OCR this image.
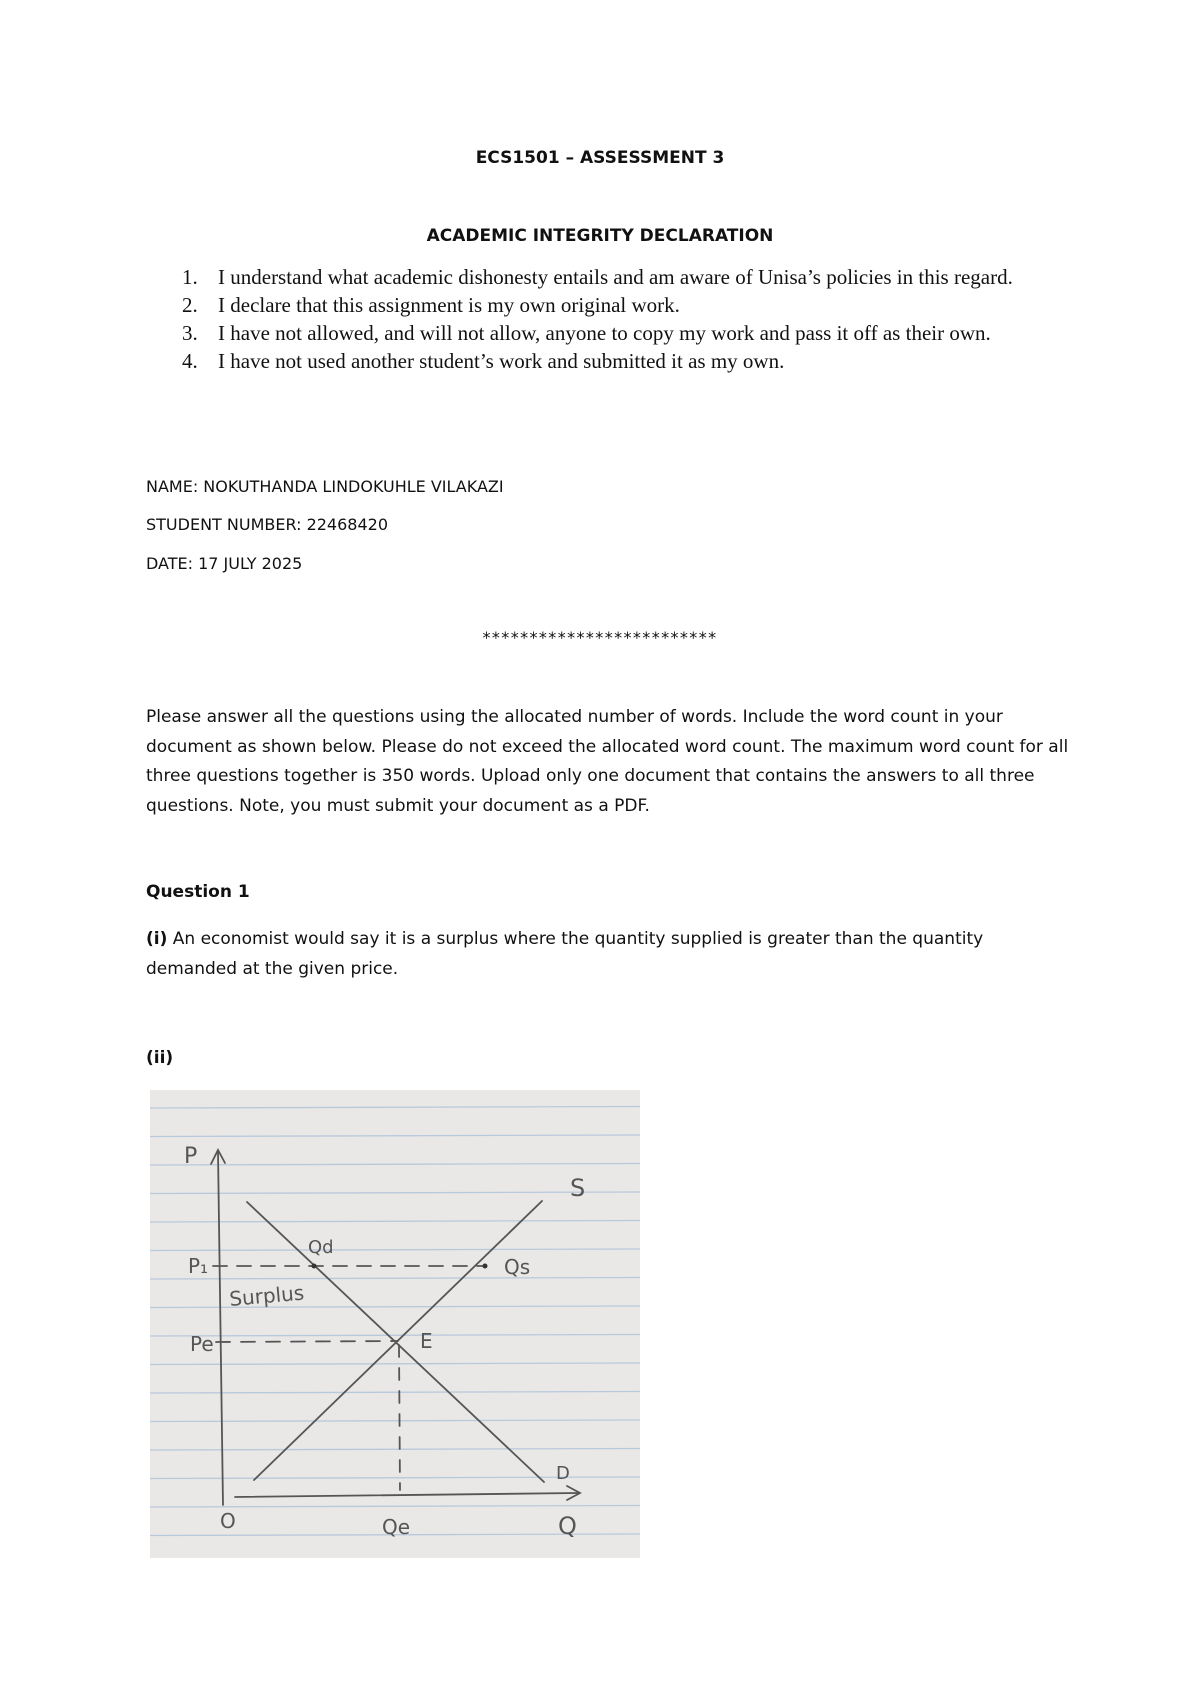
ECS1501 – ASSESSMENT 3
ACADEMIC INTEGRITY DECLARATION
1. I understand what academic dishonesty entails and am aware of Unisa’s policies in this regard.
2. I declare that this assignment is my own original work.
3. I have not allowed, and will not allow, anyone to copy my work and pass it off as their own.
4. I have not used another student’s work and submitted it as my own.
NAME: NOKUTHANDA LINDOKUHLE VILAKAZI
STUDENT NUMBER: 22468420
DATE: 17 JULY 2025
*************************
Please answer all the questions using the allocated number of words. Include the word count in your document as shown below. Please do not exceed the allocated word count. The maximum word count for all three questions together is 350 words. Upload only one document that contains the answers to all three questions. Note, you must submit your document as a PDF.
Question 1
(i) An economist would say it is a surplus where the quantity supplied is greater than the quantity demanded at the given price.
(ii)
P
Q
O
P₁
Pe
Qe
Qd
Qs
S
D
E
Surplus
